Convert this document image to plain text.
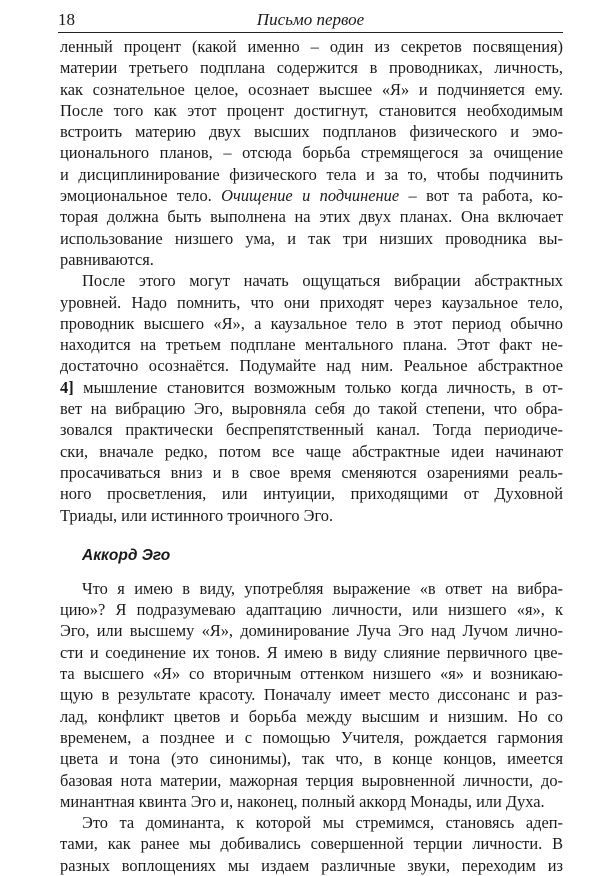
18	Письмо первое
ленный процент (какой именно – один из секретов посвящения)
материи третьего подплана содержится в проводниках, личность,
как сознательное целое, осознает высшее «Я» и подчиняется ему.
После того как этот процент достигнут, становится необходимым
встроить материю двух высших подпланов физического и эмо-
ционального планов, – отсюда борьба стремящегося за очищение
и дисциплинирование физического тела и за то, чтобы подчинить
эмоциональное тело. Очищение и подчинение – вот та работа, ко-
торая должна быть выполнена на этих двух планах. Она включает
использование низшего ума, и так три низших проводника вы-
равниваются.
После этого могут начать ощущаться вибрации абстрактных
уровней. Надо помнить, что они приходят через каузальное тело,
проводник высшего «Я», а каузальное тело в этот период обычно
находится на третьем подплане ментального плана. Этот факт не-
достаточно осознаётся. Подумайте над ним. Реальное абстрактное
4] мышление становится возможным только когда личность, в от-
вет на вибрацию Эго, выровняла себя до такой степени, что обра-
зовался практически беспрепятственный канал. Тогда периодиче-
ски, вначале редко, потом все чаще абстрактные идеи начинают
просачиваться вниз и в свое время сменяются озарениями реаль-
ного просветления, или интуиции, приходящими от Духовной
Триады, или истинного троичного Эго.
Аккорд Эго
Что я имею в виду, употребляя выражение «в ответ на вибра-
цию»? Я подразумеваю адаптацию личности, или низшего «я», к
Эго, или высшему «Я», доминирование Луча Эго над Лучом лично-
сти и соединение их тонов. Я имею в виду слияние первичного цве-
та высшего «Я» со вторичным оттенком низшего «я» и возникаю-
щую в результате красоту. Поначалу имеет место диссонанс и раз-
лад, конфликт цветов и борьба между высшим и низшим. Но со
временем, а позднее и с помощью Учителя, рождается гармония
цвета и тона (это синонимы), так что, в конце концов, имеется
базовая нота материи, мажорная терция выровненной личности, до-
минантная квинта Эго и, наконец, полный аккорд Монады, или Духа.
Это та доминанта, к которой мы стремимся, становясь адеп-
тами, как ранее мы добивались совершенной терции личности. В
разных воплощениях мы издаем различные звуки, переходим из
